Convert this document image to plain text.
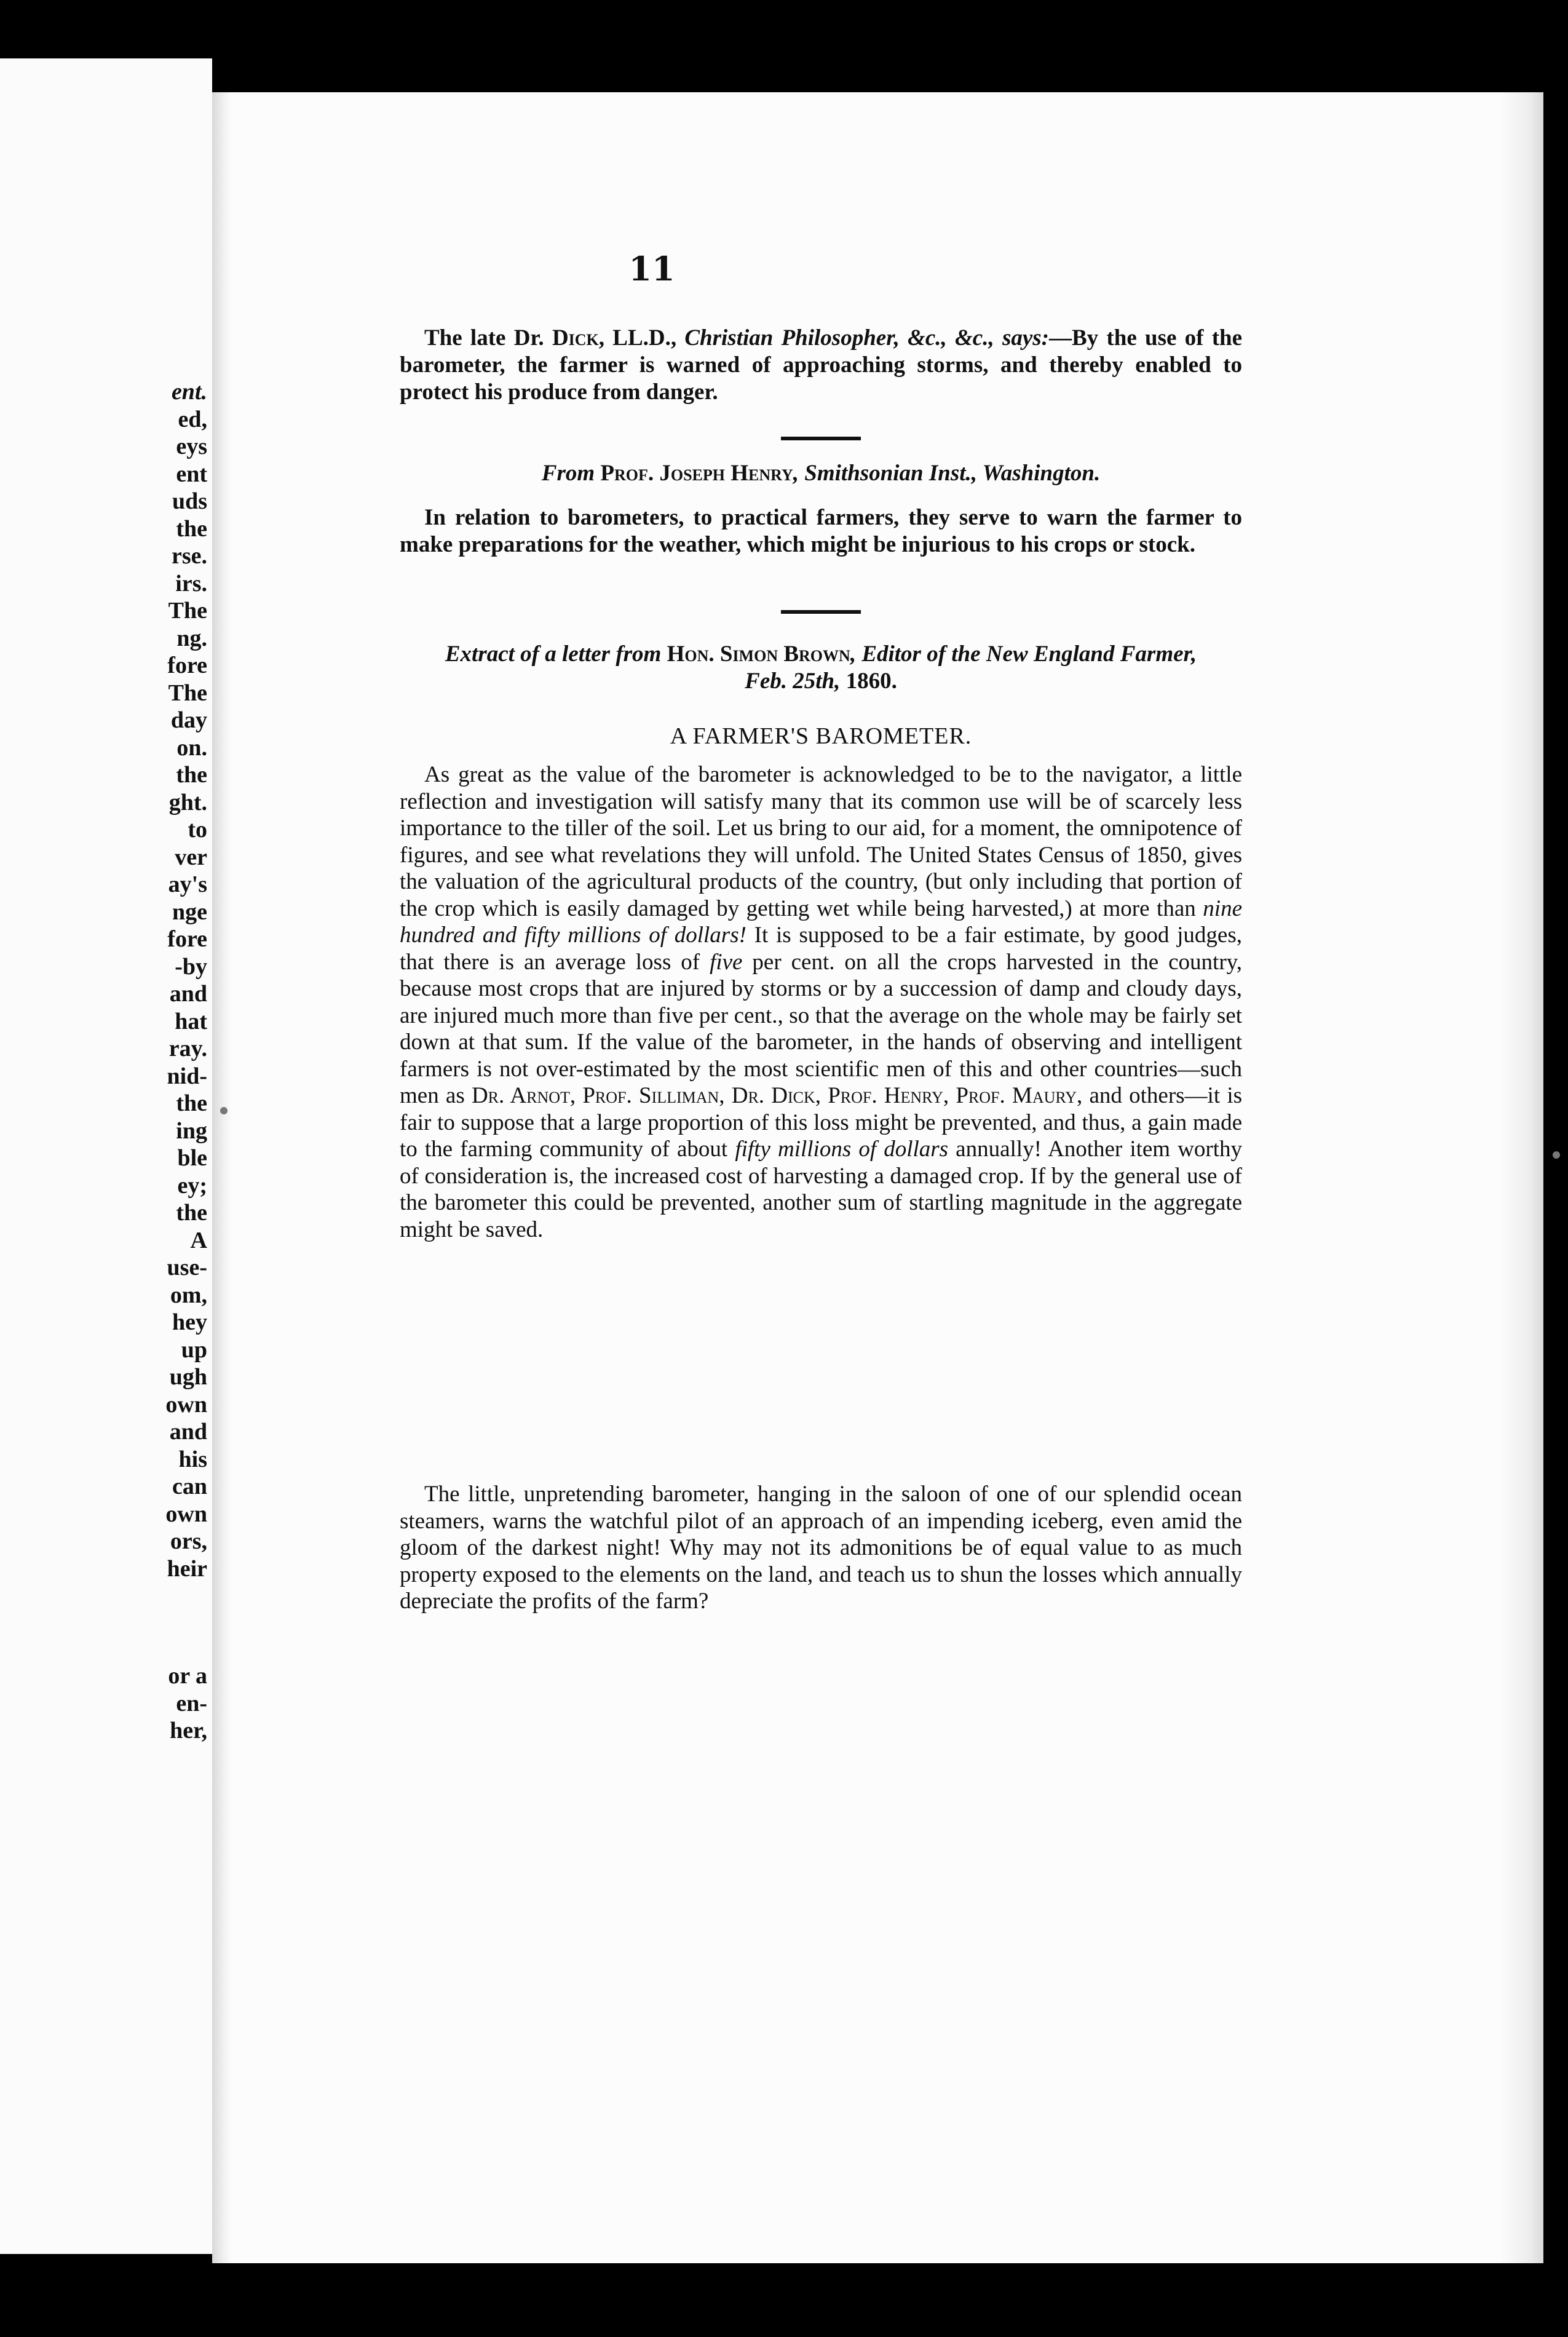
ent.
ed,
eys
ent
uds
the
rse.
irs.
The
ng.
fore
The
day
on.
the
ght.
to
ver
ay's
nge
fore
-by
and
hat
ray.
nid-
the
ing
ble
ey;
the
A
use-
om,
hey
up
ugh
own
and
his
can
own
ors,
heir
or a
en-
her,
11
The late Dr. Dick, LL.D., Christian Philosopher, &c., &c., says:—By the use of the barometer, the farmer is warned of approaching storms, and thereby enabled to protect his produce from danger.
From Prof. Joseph Henry, Smithsonian Inst., Washington.
In relation to barometers, to practical farmers, they serve to warn the farmer to make preparations for the weather, which might be injurious to his crops or stock.
Extract of a letter from Hon. Simon Brown, Editor of the New England Farmer, Feb. 25th, 1860.
A FARMER'S BAROMETER.
As great as the value of the barometer is acknowledged to be to the navigator, a little reflection and investigation will satisfy many that its common use will be of scarcely less importance to the tiller of the soil. Let us bring to our aid, for a moment, the omnipotence of figures, and see what revelations they will unfold. The United States Census of 1850, gives the valuation of the agricultural products of the country, (but only including that portion of the crop which is easily damaged by getting wet while being harvested,) at more than nine hundred and fifty millions of dollars! It is supposed to be a fair estimate, by good judges, that there is an average loss of five per cent. on all the crops harvested in the country, because most crops that are injured by storms or by a succession of damp and cloudy days, are injured much more than five per cent., so that the average on the whole may be fairly set down at that sum. If the value of the barometer, in the hands of observing and intelligent farmers is not over-estimated by the most scientific men of this and other countries—such men as Dr. Arnot, Prof. Silliman, Dr. Dick, Prof. Henry, Prof. Maury, and others—it is fair to suppose that a large proportion of this loss might be prevented, and thus, a gain made to the farming community of about fifty millions of dollars annually! Another item worthy of consideration is, the increased cost of harvesting a damaged crop. If by the general use of the barometer this could be prevented, another sum of startling magnitude in the aggregate might be saved.
The little, unpretending barometer, hanging in the saloon of one of our splendid ocean steamers, warns the watchful pilot of an approach of an impending iceberg, even amid the gloom of the darkest night! Why may not its admonitions be of equal value to as much property exposed to the elements on the land, and teach us to shun the losses which annually depreciate the profits of the farm?
